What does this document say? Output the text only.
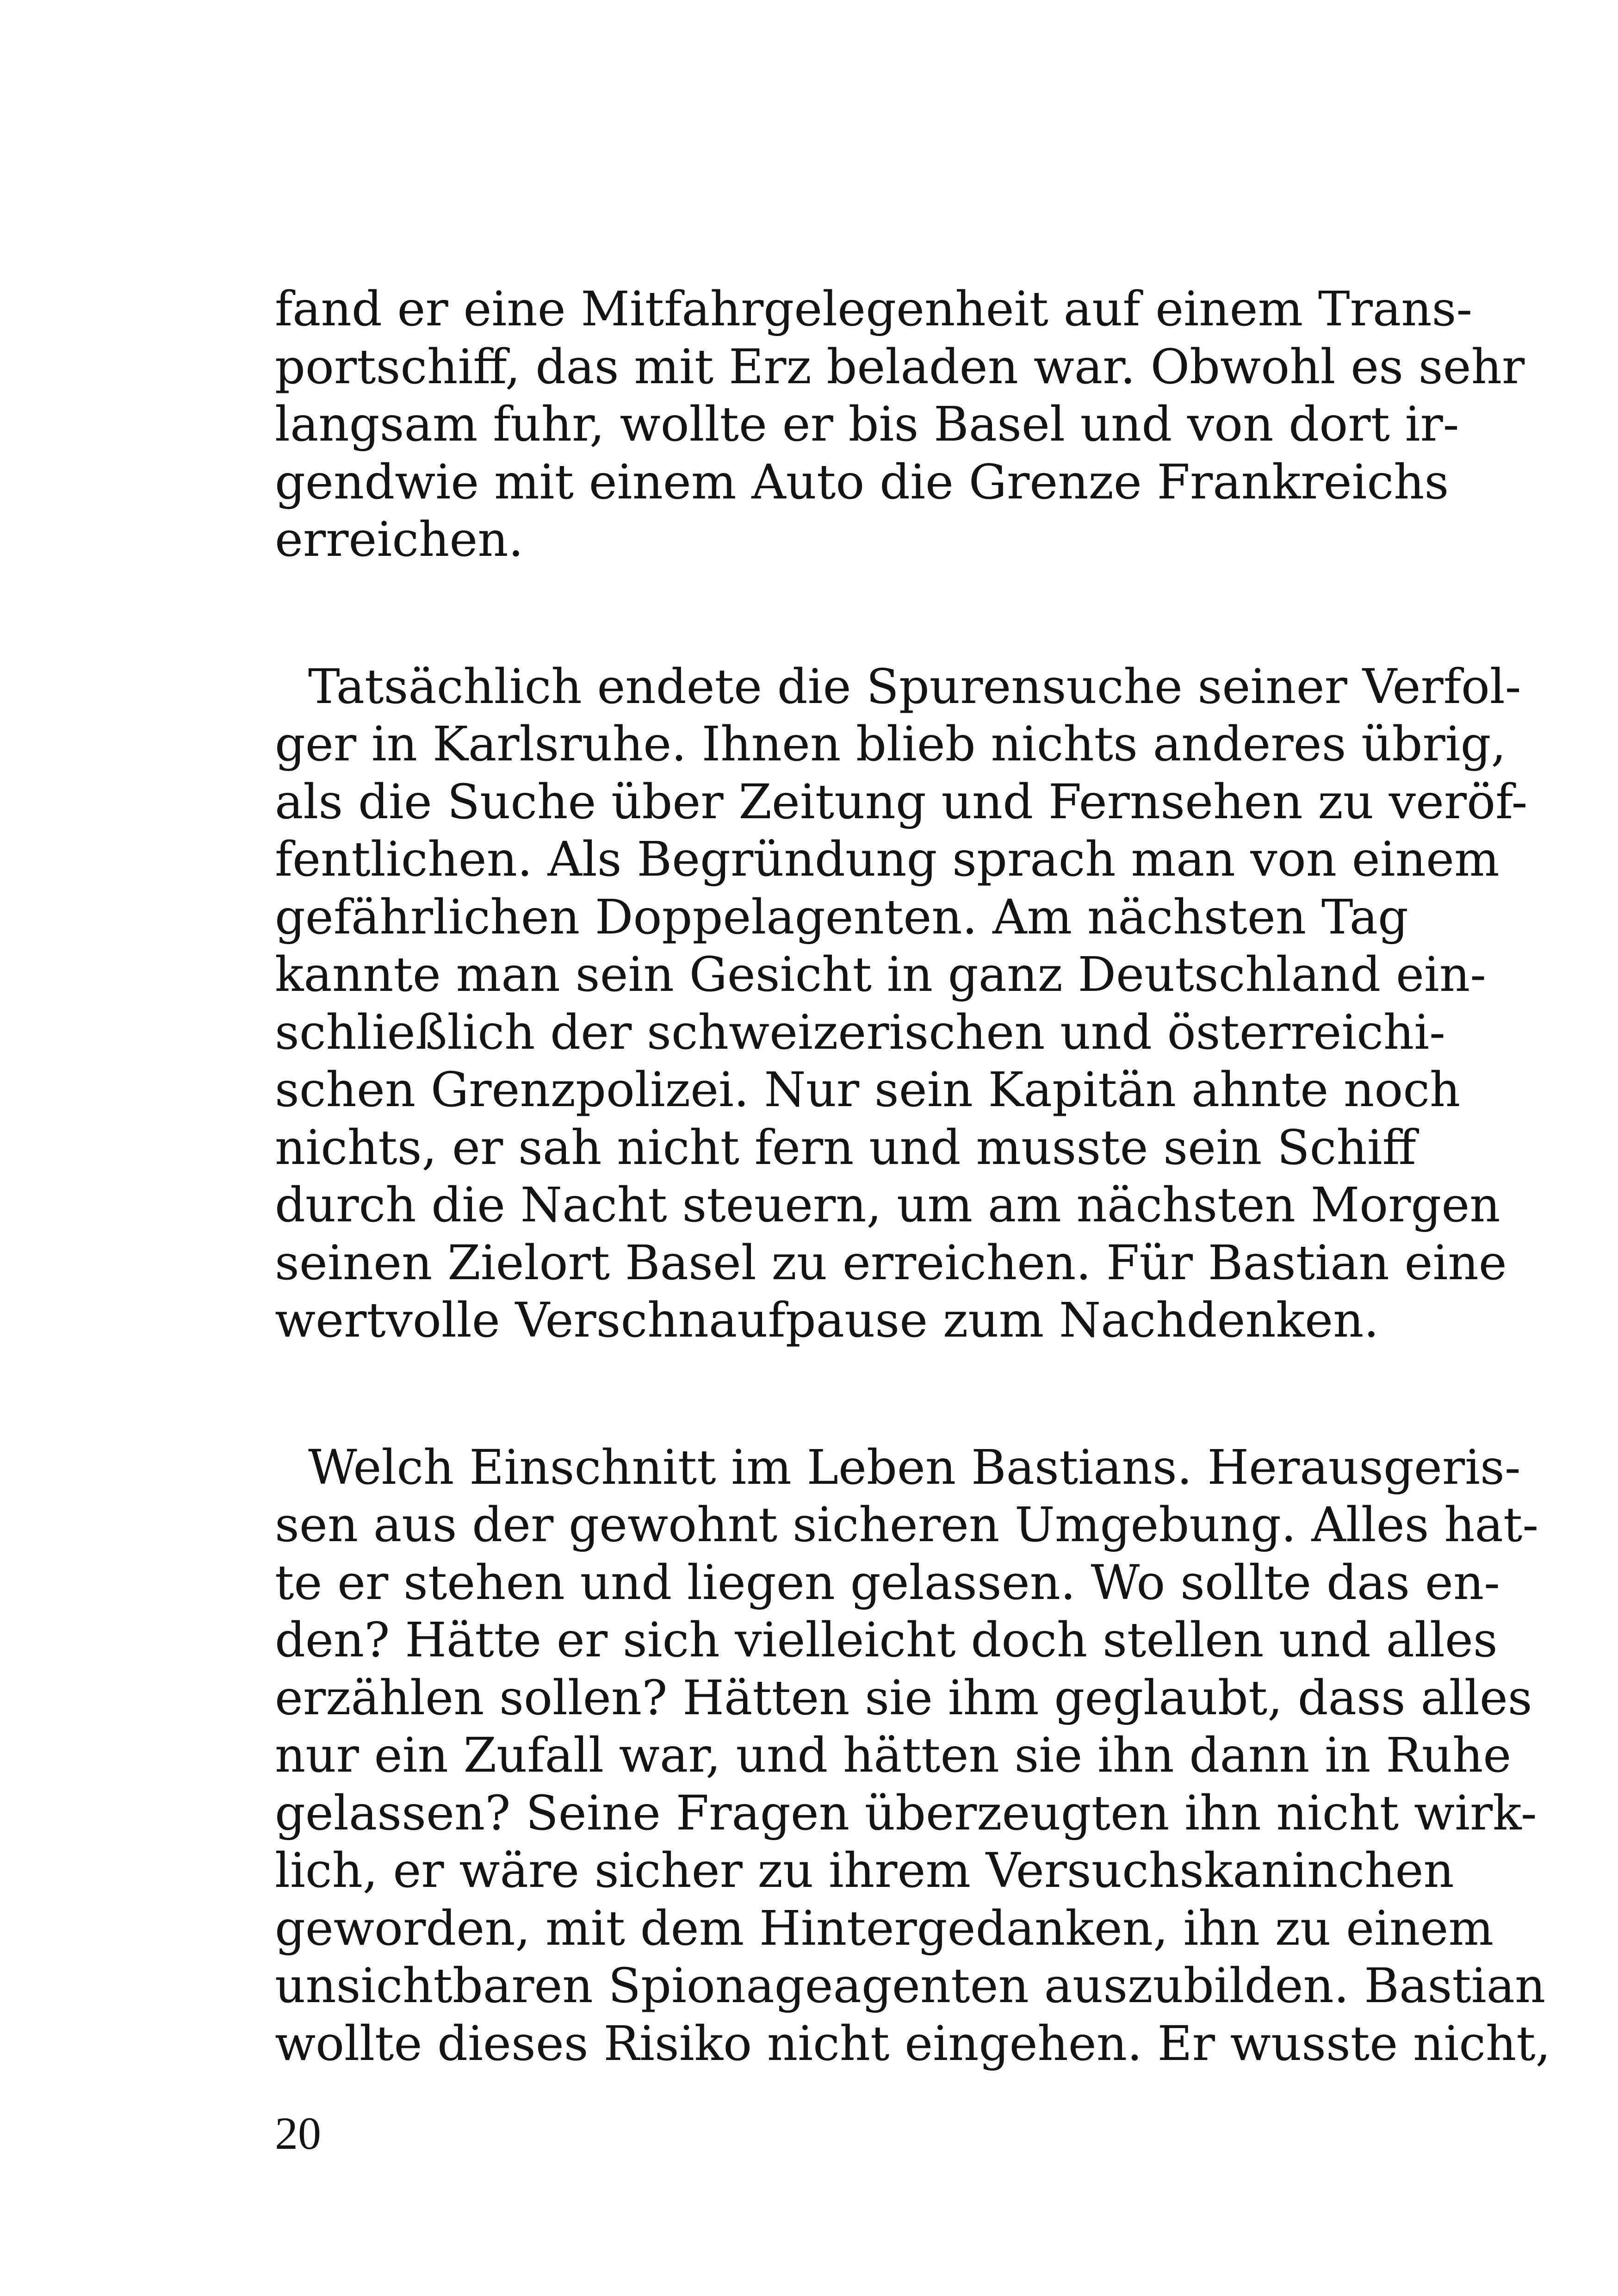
fand er eine Mitfahrgelegenheit auf einem Trans-
portschiff, das mit Erz beladen war. Obwohl es sehr
langsam fuhr, wollte er bis Basel und von dort ir-
gendwie mit einem Auto die Grenze Frankreichs
erreichen.
Tatsächlich endete die Spurensuche seiner Verfol-
ger in Karlsruhe. Ihnen blieb nichts anderes übrig,
als die Suche über Zeitung und Fernsehen zu veröf-
fentlichen. Als Begründung sprach man von einem
gefährlichen Doppelagenten. Am nächsten Tag
kannte man sein Gesicht in ganz Deutschland ein-
schließlich der schweizerischen und österreichi-
schen Grenzpolizei. Nur sein Kapitän ahnte noch
nichts, er sah nicht fern und musste sein Schiff
durch die Nacht steuern, um am nächsten Morgen
seinen Zielort Basel zu erreichen. Für Bastian eine
wertvolle Verschnaufpause zum Nachdenken.
Welch Einschnitt im Leben Bastians. Herausgeris-
sen aus der gewohnt sicheren Umgebung. Alles hat-
te er stehen und liegen gelassen. Wo sollte das en-
den? Hätte er sich vielleicht doch stellen und alles
erzählen sollen? Hätten sie ihm geglaubt, dass alles
nur ein Zufall war, und hätten sie ihn dann in Ruhe
gelassen? Seine Fragen überzeugten ihn nicht wirk-
lich, er wäre sicher zu ihrem Versuchskaninchen
geworden, mit dem Hintergedanken, ihn zu einem
unsichtbaren Spionageagenten auszubilden. Bastian
wollte dieses Risiko nicht eingehen. Er wusste nicht,
20
